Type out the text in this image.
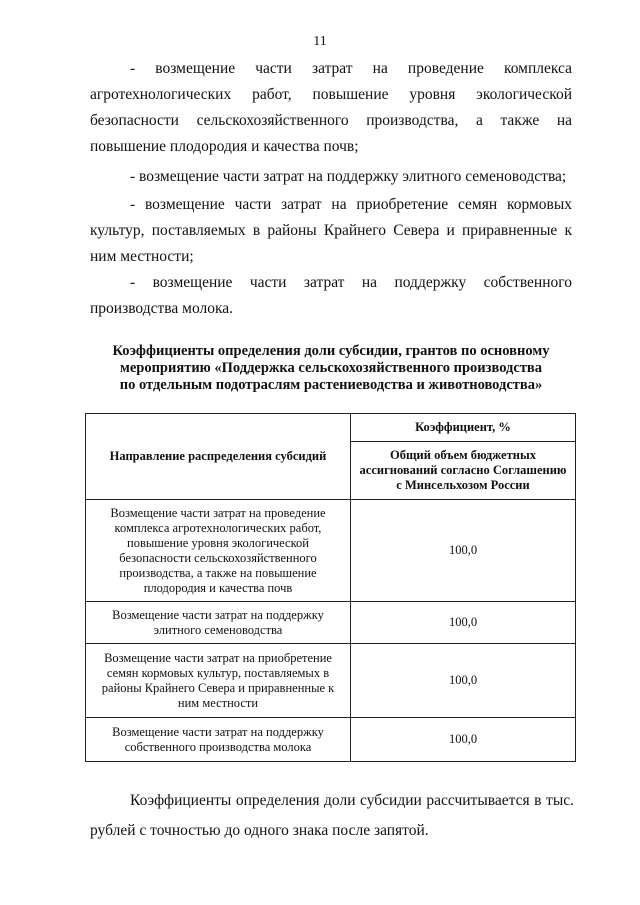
11

- возмещение части затрат на проведение комплекса агротехнологических работ, повышение уровня экологической безопасности сельскохозяйственного производства, а также на повышение плодородия и качества почв;

- возмещение части затрат на поддержку элитного семеноводства;

- возмещение части затрат на приобретение семян кормовых культур, поставляемых в районы Крайнего Севера и приравненные к ним местности;

- возмещение части затрат на поддержку собственного производства молока.

Коэффициенты определения доли субсидии, грантов по основному
мероприятию «Поддержка сельскохозяйственного производства
по отдельным подотраслям растениеводства и животноводства»
Направление распределения субсидий	Коэффициент, %
	Общий объем бюджетных ассигнований согласно Соглашению с Минсельхозом России
Возмещение части затрат на проведение комплекса агротехнологических работ, повышение уровня экологической безопасности сельскохозяйственного производства, а также на повышение плодородия и качества почв	100,0
Возмещение части затрат на поддержку элитного семеноводства	100,0
Возмещение части затрат на приобретение семян кормовых культур, поставляемых в районы Крайнего Севера и приравненные к ним местности	100,0
Возмещение части затрат на поддержку собственного производства молока	100,0
Коэффициенты определения доли субсидии рассчитывается в тыс.
рублей с точностью до одного знака после запятой.
